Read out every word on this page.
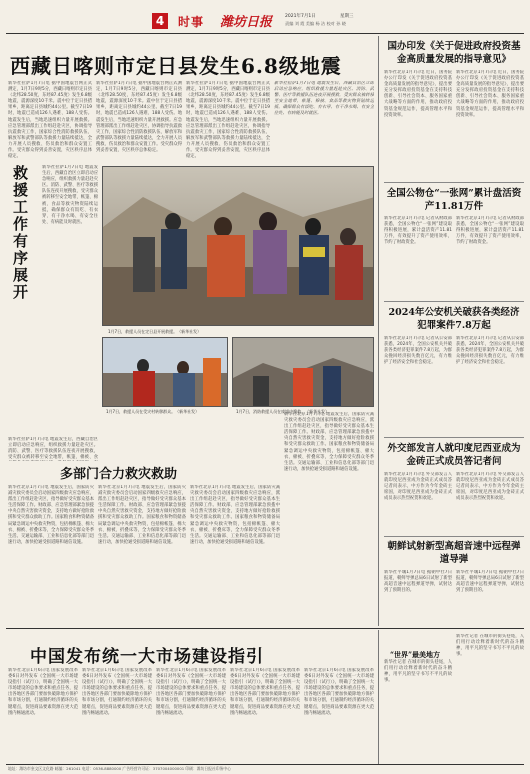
4	时事 潍坊日报	2021年7月1日	星期三
责编 刘 霞 美编 杨 洁 校对 孙 晓
西藏日喀则市定日县发生6.8级地震
新华社拉萨1月7日电 据中国地震台网正式测定，1月7日9时5分，西藏日喀则市定日县（北纬28.50度，东经87.45度）发生6.8级地震，震源深度10千米。震中位于定日县措果乡，距离定日县城约44公里。截至7日19时，地震已造成126人遇难、188人受伤。地震发生后，当地迅速组织力量开展救援。应急管理部派出工作组赶赴灾区，协调指导抗震救灾工作，国家综合性消防救援队伍、解放军和武警部队等救援力量陆续抵达，全力开展人员搜救、伤员救治和群众安置工作。受灾群众得到妥善安置，灾区秩序总体稳定。
新华社拉萨1月7日电 据中国地震台网正式测定，1月7日9时5分，西藏日喀则市定日县（北纬28.50度，东经87.45度）发生6.8级地震，震源深度10千米。震中位于定日县措果乡，距离定日县城约44公里。截至7日19时，地震已造成126人遇难、188人受伤。地震发生后，当地迅速组织力量开展救援。应急管理部派出工作组赶赴灾区，协调指导抗震救灾工作，国家综合性消防救援队伍、解放军和武警部队等救援力量陆续抵达，全力开展人员搜救、伤员救治和群众安置工作。受灾群众得到妥善安置，灾区秩序总体稳定。
新华社拉萨1月7日电 据中国地震台网正式测定，1月7日9时5分，西藏日喀则市定日县（北纬28.50度，东经87.45度）发生6.8级地震，震源深度10千米。震中位于定日县措果乡，距离定日县城约44公里。截至7日19时，地震已造成126人遇难、188人受伤。地震发生后，当地迅速组织力量开展救援。应急管理部派出工作组赶赴灾区，协调指导抗震救灾工作，国家综合性消防救援队伍、解放军和武警部队等救援力量陆续抵达，全力开展人员搜救、伤员救治和群众安置工作。受灾群众得到妥善安置，灾区秩序总体稳定。
新华社拉萨1月7日电 地震发生后，西藏自治区立即启动应急响应，组织救援力量赶赴灾区。消防、武警、医疗等救援队伍连夜开展搜救，受灾群众被转移至安全地带，帐篷、棉被、食品等救灾物资陆续运抵，确保群众有饭吃、有衣穿、有干净水喝、有安全住处、有病能及时就医。
救援工作有序展开
新华社拉萨1月7日电 地震发生后，西藏自治区立即启动应急响应，组织救援力量赶赴灾区。消防、武警、医疗等救援队伍连夜开展搜救，受灾群众被转移至安全地带，帐篷、棉被、食品等救灾物资陆续运抵，确保群众有饭吃、有衣穿、有干净水喝、有安全住处、有病能及时就医。
1月7日，救援人员在定日县开展救援。（新华社发）
1月7日，救援人员在受灾村转移群众。（新华社发）	1月7日，消防救援人员在废墟中搜救。（新华社发）
新华社拉萨1月7日电 地震发生后，西藏自治区立即启动应急响应，组织救援力量赶赴灾区。消防、武警、医疗等救援队伍连夜开展搜救，受灾群众被转移至安全地带，帐篷、棉被、食
多部门合力救灾救助
新华社北京1月7日电 地震发生后，国家防灾减灾救灾委员会启动国家四级救灾应急响应，派出工作组赶赴灾区，指导做好受灾群众基本生活保障工作。财政部、应急管理部紧急预拨中央自然灾害救灾资金，支持地方做好抢险救援和受灾群众救助工作。国家粮食和物资储备局紧急调运中央救灾物资，包括棉帐篷、棉大衣、棉被、折叠床等，全力保障受灾群众冬季生活。交通运输部、工业和信息化部等部门迅速行动，加快抢通受损道路和通信设施。
新华社北京1月7日电 地震发生后，国家防灾减灾救灾委员会启动国家四级救灾应急响应，派出工作组赶赴灾区，指导做好受灾群众基本生活保障工作。财政部、应急管理部紧急预拨中央自然灾害救灾资金，支持地方做好抢险救援和受灾群众救助工作。国家粮食和物资储备局紧急调运中央救灾物资，包括棉帐篷、棉大衣、棉被、折叠床等，全力保障受灾群众冬季生活。交通运输部、工业和信息化部等部门迅速行动，加快抢通受损道路和通信设施。
新华社北京1月7日电 地震发生后，国家防灾减灾救灾委员会启动国家四级救灾应急响应，派出工作组赶赴灾区，指导做好受灾群众基本生活保障工作。财政部、应急管理部紧急预拨中央自然灾害救灾资金，支持地方做好抢险救援和受灾群众救助工作。国家粮食和物资储备局紧急调运中央救灾物资，包括棉帐篷、棉大衣、棉被、折叠床等，全力保障受灾群众冬季生活。交通运输部、工业和信息化部等部门迅速行动，加快抢通受损道路和通信设施。
新华社北京1月7日电 地震发生后，国家防灾减灾救灾委员会启动国家四级救灾应急响应，派出工作组赶赴灾区，指导做好受灾群众基本生活保障工作。财政部、应急管理部紧急预拨中央自然灾害救灾资金，支持地方做好抢险救援和受灾群众救助工作。国家粮食和物资储备局紧急调运中央救灾物资，包括棉帐篷、棉大衣、棉被、折叠床等，全力保障受灾群众冬季生活。交通运输部、工业和信息化部等部门迅速行动，加快抢通受损道路和通信设施。
国办印发《关于促进政府投资基金高质量发展的指导意见》
新华社北京1月7日电 近日，国务院办公厅印发《关于促进政府投资基金高质量发展的指导意见》，提出要充分发挥政府投资基金在支持科技创新、引导社会资本、服务国家重大战略等方面的作用，推动政府投资基金规范运作，提高管理水平和投资效率。
新华社北京1月7日电 近日，国务院办公厅印发《关于促进政府投资基金高质量发展的指导意见》，提出要充分发挥政府投资基金在支持科技创新、引导社会资本、服务国家重大战略等方面的作用，推动政府投资基金规范运作，提高管理水平和投资效率。
全国公物仓“一张网”累计盘活资产11.81万件
新华社北京1月7日电 记者从财政部获悉，全国公物仓“一张网”建设取得积极进展，累计盘活资产11.81万件，有效提升了资产使用效率，节约了财政资金。
新华社北京1月7日电 记者从财政部获悉，全国公物仓“一张网”建设取得积极进展，累计盘活资产11.81万件，有效提升了资产使用效率，节约了财政资金。
2024年公安机关破获各类经济犯罪案件7.8万起
新华社北京1月7日电 记者从公安部获悉，2024年，全国公安机关共破获各类经济犯罪案件7.8万起，为群众挽回经济损失数百亿元，有力维护了经济安全和社会稳定。
新华社北京1月7日电 记者从公安部获悉，2024年，全国公安机关共破获各类经济犯罪案件7.8万起，为群众挽回经济损失数百亿元，有力维护了经济安全和社会稳定。
外交部发言人就印度尼西亚成为金砖正式成员答记者问
新华社北京1月7日电 外交部发言人就印度尼西亚成为金砖正式成员答记者问表示，中方作为今年金砖主席国，对印度尼西亚成为金砖正式成员表示热烈祝贺和欢迎。
新华社北京1月7日电 外交部发言人就印度尼西亚成为金砖正式成员答记者问表示，中方作为今年金砖主席国，对印度尼西亚成为金砖正式成员表示热烈祝贺和欢迎。
朝鲜试射新型高超音速中远程弹道导弹
新华社平壤1月7日电 据朝中社7日报道，朝鲜导弹总局6日试射了新型高超音速中远程弹道导弹，试射达到了预期目的。
新华社平壤1月7日电 据朝中社7日报道，朝鲜导弹总局6日试射了新型高超音速中远程弹道导弹，试射达到了预期目的。
中国发布统一大市场建设指引
新华社北京1月6日电 国家发展改革委6日对外发布《全国统一大市场建设指引（试行）》，明确了全国统一大市场建设的总体要求和重点任务，提出各地区各部门要加快破除地方保护和市场分割，打通制约经济循环的关键堵点，促进商品要素资源在更大范围内畅通流动。
新华社北京1月6日电 国家发展改革委6日对外发布《全国统一大市场建设指引（试行）》，明确了全国统一大市场建设的总体要求和重点任务，提出各地区各部门要加快破除地方保护和市场分割，打通制约经济循环的关键堵点，促进商品要素资源在更大范围内畅通流动。
新华社北京1月6日电 国家发展改革委6日对外发布《全国统一大市场建设指引（试行）》，明确了全国统一大市场建设的总体要求和重点任务，提出各地区各部门要加快破除地方保护和市场分割，打通制约经济循环的关键堵点，促进商品要素资源在更大范围内畅通流动。
新华社北京1月6日电 国家发展改革委6日对外发布《全国统一大市场建设指引（试行）》，明确了全国统一大市场建设的总体要求和重点任务，提出各地区各部门要加快破除地方保护和市场分割，打通制约经济循环的关键堵点，促进商品要素资源在更大范围内畅通流动。
新华社北京1月6日电 国家发展改革委6日对外发布《全国统一大市场建设指引（试行）》，明确了全国统一大市场建设的总体要求和重点任务，提出各地区各部门要加快破除地方保护和市场分割，打通制约经济循环的关键堵点，促进商品要素资源在更大范围内畅通流动。
“世界”最美地方
新华社记者 在城市的街头巷尾，人们用行动诠释着新时代的奋斗精神，用平凡的坚守书写不平凡的故事。
新华社记者 在城市的街头巷尾，人们用行动诠释着新时代的奋斗精神，用平凡的坚守书写不平凡的故事。
地址：潍坊市奎文区文化路 邮编：261041 电话：0536-8880000 广告经营许可证：3707004000001 印刷：潍坊日报社印务中心
